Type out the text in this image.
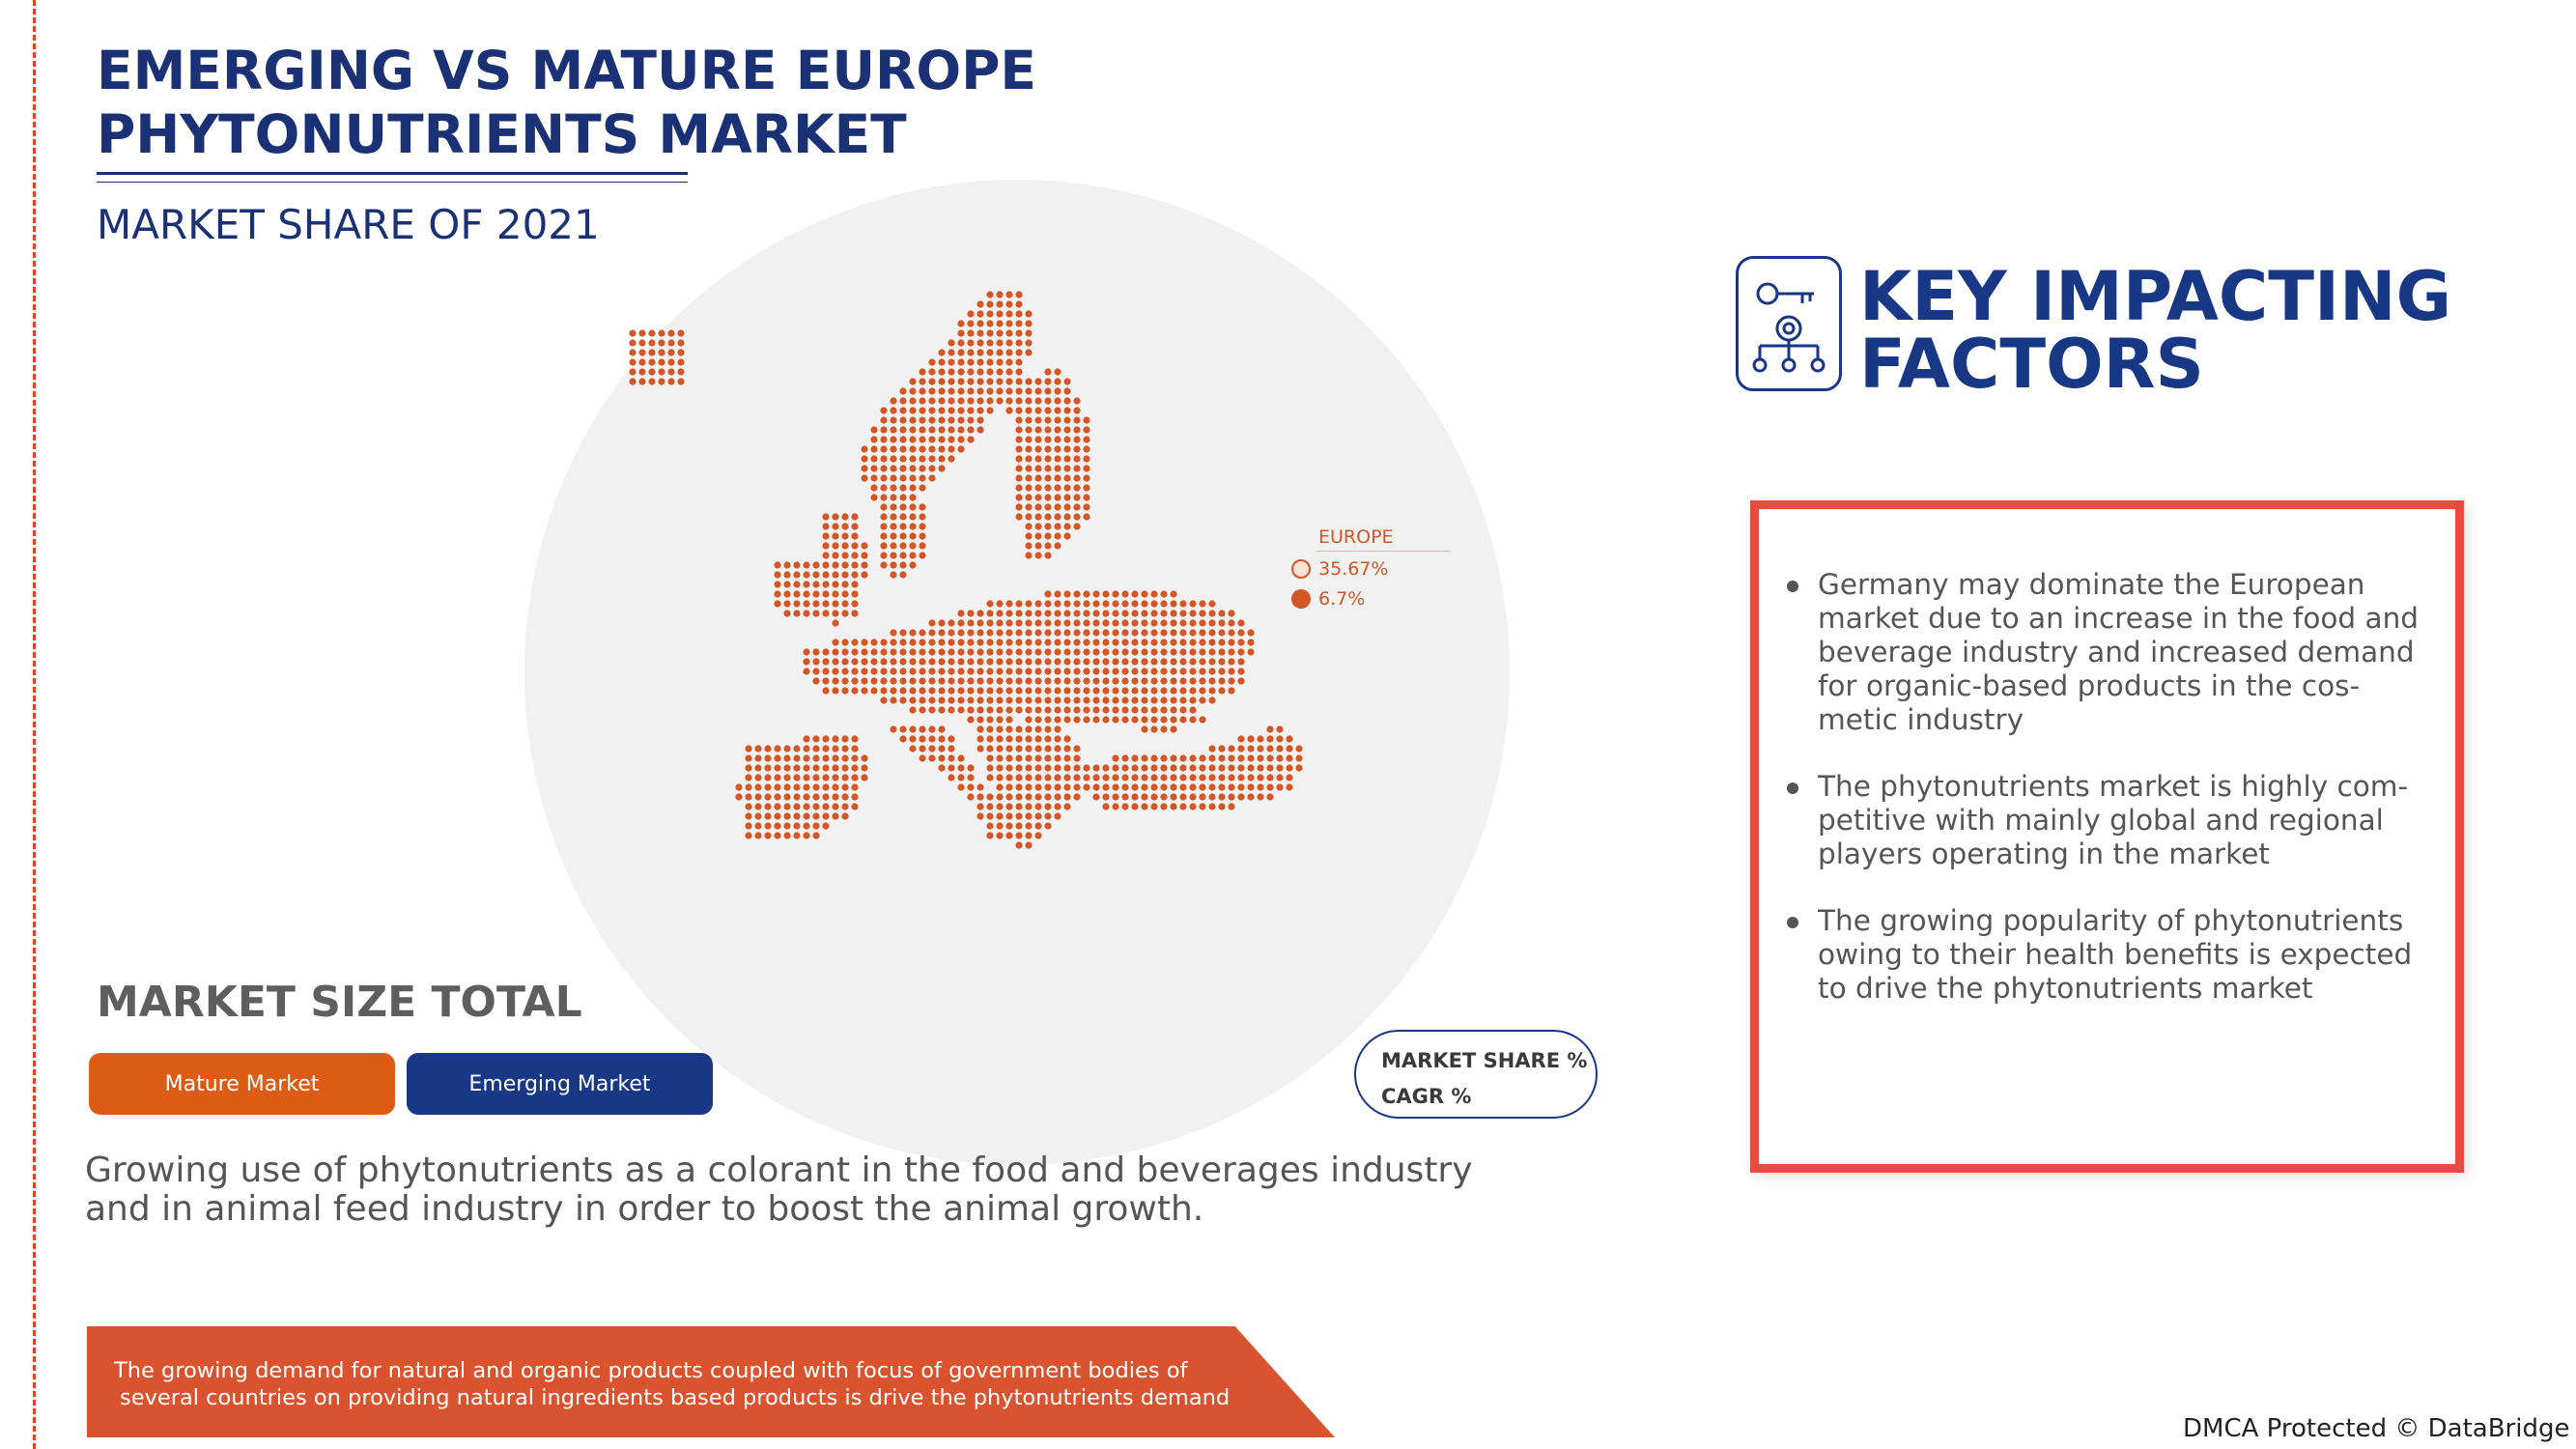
EMERGING VS MATURE EUROPE PHYTONUTRIENTS MARKET
MARKET SHARE OF 2021
EUROPE
35.67%
6.7%
MARKET SIZE TOTAL
Mature Market	Emerging Market
MARKET SHARE %
CAGR %
Growing use of phytonutrients as a colorant in the food and beverages industry and in animal feed industry in order to boost the animal growth.
The growing demand for natural and organic products coupled with focus of government bodies of
several countries on providing natural ingredients based products is drive the phytonutrients demand
KEY IMPACTING
FACTORS
Germany may dominate the European market due to an increase in the food and beverage industry and increased demand for organic-based products in the cos-metic industry
The phytonutrients market is highly com-petitive with mainly global and regional players operating in the market
The growing popularity of phytonutrients owing to their health benefits is expected to drive the phytonutrients market
DMCA Protected © DataBridge
